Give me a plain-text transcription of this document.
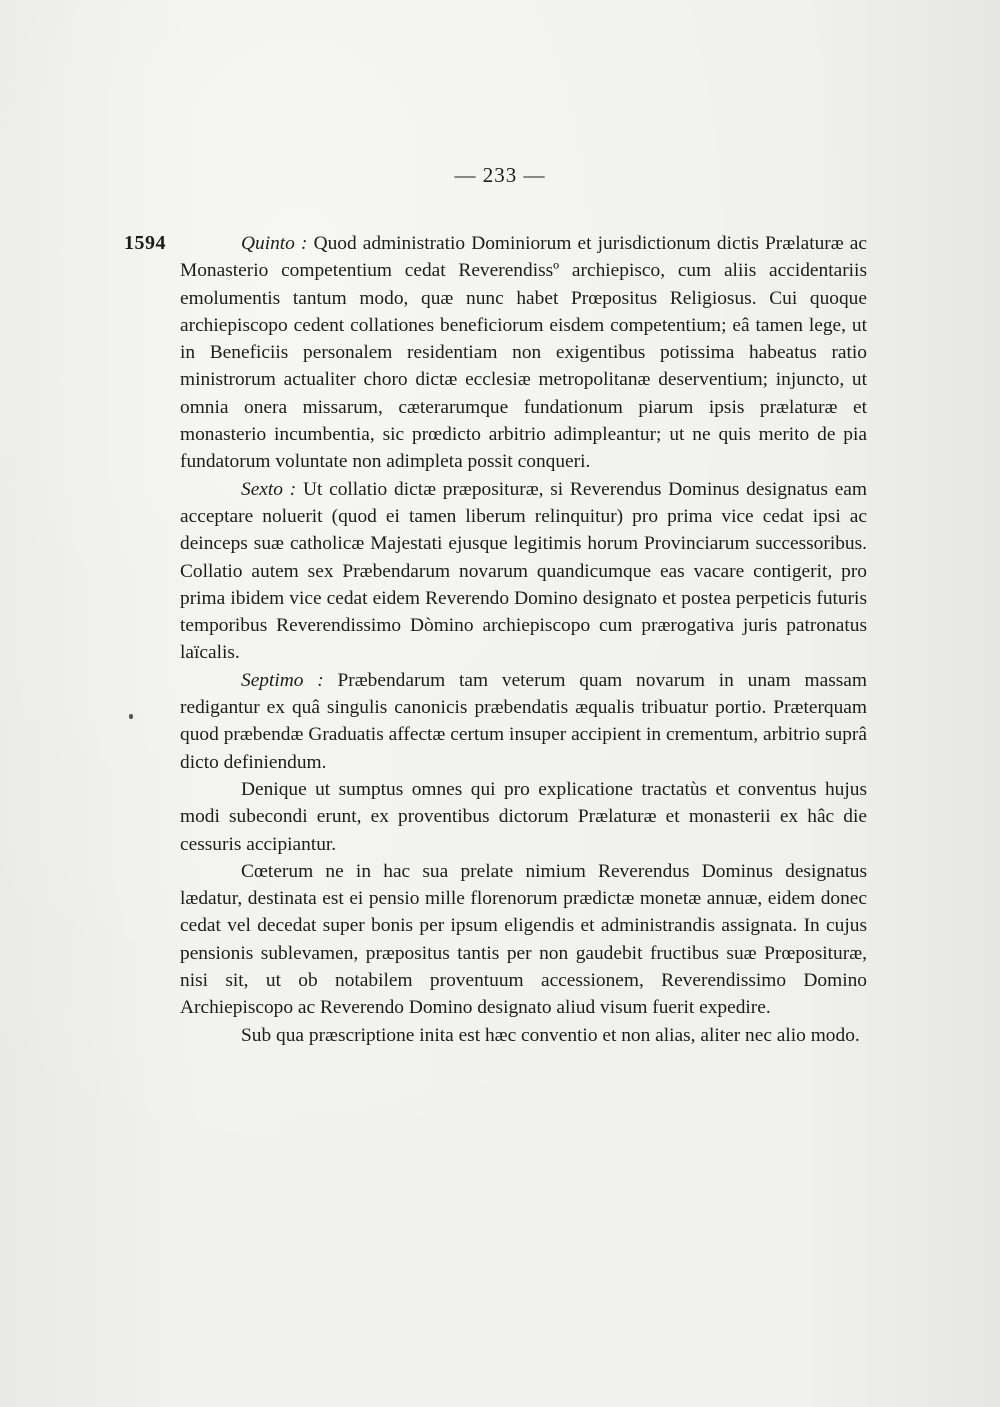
— 233 —
1594	Quinto : Quod administratio Dominiorum et jurisdictionum dictis Prælaturæ ac Monasterio competentium cedat Reverendissº archiepisco, cum aliis accidentariis emolumentis tantum modo, quæ nunc habet Prœpositus Religiosus. Cui quoque archiepiscopo cedent collationes beneficiorum eisdem competentium; eâ tamen lege, ut in Beneficiis personalem residentiam non exigentibus potissima habeatus ratio ministrorum actualiter choro dictæ ecclesiæ metropolitanæ deserventium; injuncto, ut omnia onera missarum, cæterarumque fundationum piarum ipsis prælaturæ et monasterio incumbentia, sic prœdicto arbitrio adimpleantur; ut ne quis merito de pia fundatorum voluntate non adimpleta possit conqueri.

Sexto : Ut collatio dictæ præposituræ, si Reverendus Dominus designatus eam acceptare noluerit (quod ei tamen liberum relinquitur) pro prima vice cedat ipsi ac deinceps suæ catholicæ Majestati ejusque legitimis horum Provinciarum successoribus. Collatio autem sex Præbendarum novarum quandicumque eas vacare contigerit, pro prima ibidem vice cedat eidem Reverendo Domino designato et postea perpeticis futuris temporibus Reverendissimo Dòmino archiepiscopo cum prærogativa juris patronatus laïcalis.

Septimo : Præbendarum tam veterum quam novarum in unam massam redigantur ex quâ singulis canonicis præbendatis æqualis tribuatur portio. Præterquam quod præbendæ Graduatis affectæ certum insuper accipient in crementum, arbitrio suprâ dicto definiendum.

Denique ut sumptus omnes qui pro explicatione tractatùs et conventus hujus modi subecondi erunt, ex proventibus dictorum Prælaturæ et monasterii ex hâc die cessuris accipiantur.

Cœterum ne in hac sua prelate nimium Reverendus Dominus designatus lædatur, destinata est ei pensio mille florenorum prædictæ monetæ annuæ, eidem donec cedat vel decedat super bonis per ipsum eligendis et administrandis assignata. In cujus pensionis sublevamen, præpositus tantis per non gaudebit fructibus suæ Prœposituræ, nisi sit, ut ob notabilem proventuum accessionem, Reverendissimo Domino Archiepiscopo ac Reverendo Domino designato aliud visum fuerit expedire.

Sub qua præscriptione inita est hæc conventio et non alias, aliter nec alio modo.
